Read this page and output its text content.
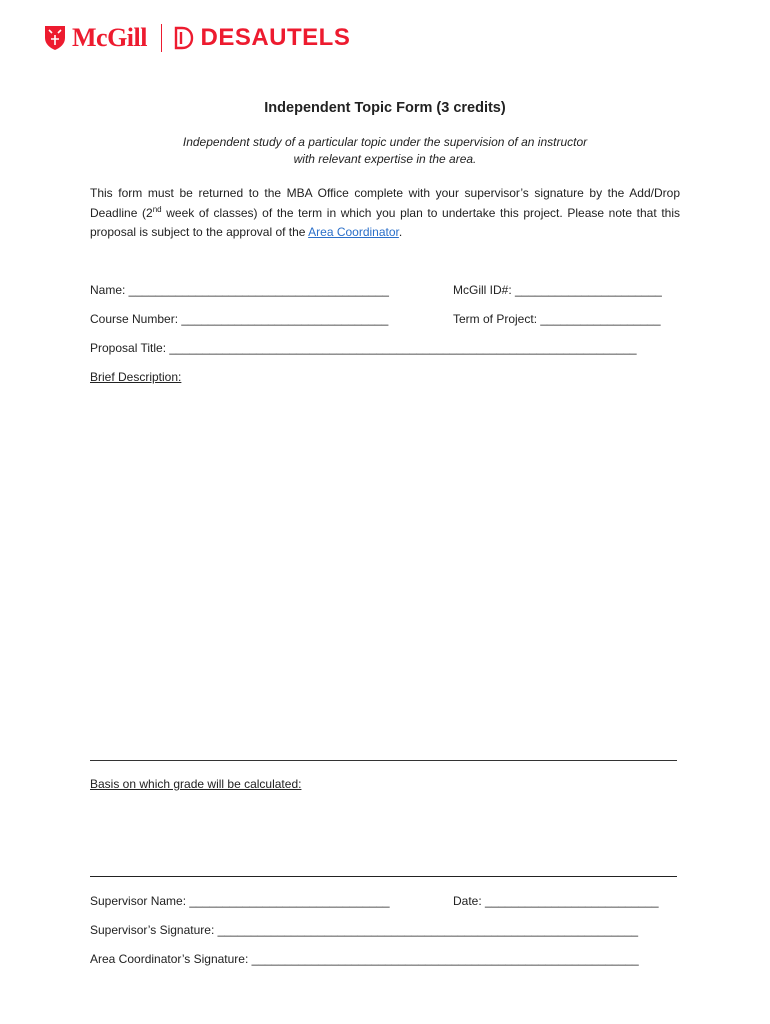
McGill DESAUTELS
Independent Topic Form (3 credits)
Independent study of a particular topic under the supervision of an instructor
with relevant expertise in the area.
This form must be returned to the MBA Office complete with your supervisor’s signature by the Add/Drop Deadline (2nd week of classes) of the term in which you plan to undertake this project. Please note that this proposal is subject to the approval of the Area Coordinator.
Name: _______________________________________	McGill ID#: ______________________
Course Number: _______________________________	Term of Project: __________________
Proposal Title: ______________________________________________________________________
Brief Description:
Basis on which grade will be calculated:
Supervisor Name: ______________________________	Date: __________________________
Supervisor’s Signature: _______________________________________________________________
Area Coordinator’s Signature: __________________________________________________________
